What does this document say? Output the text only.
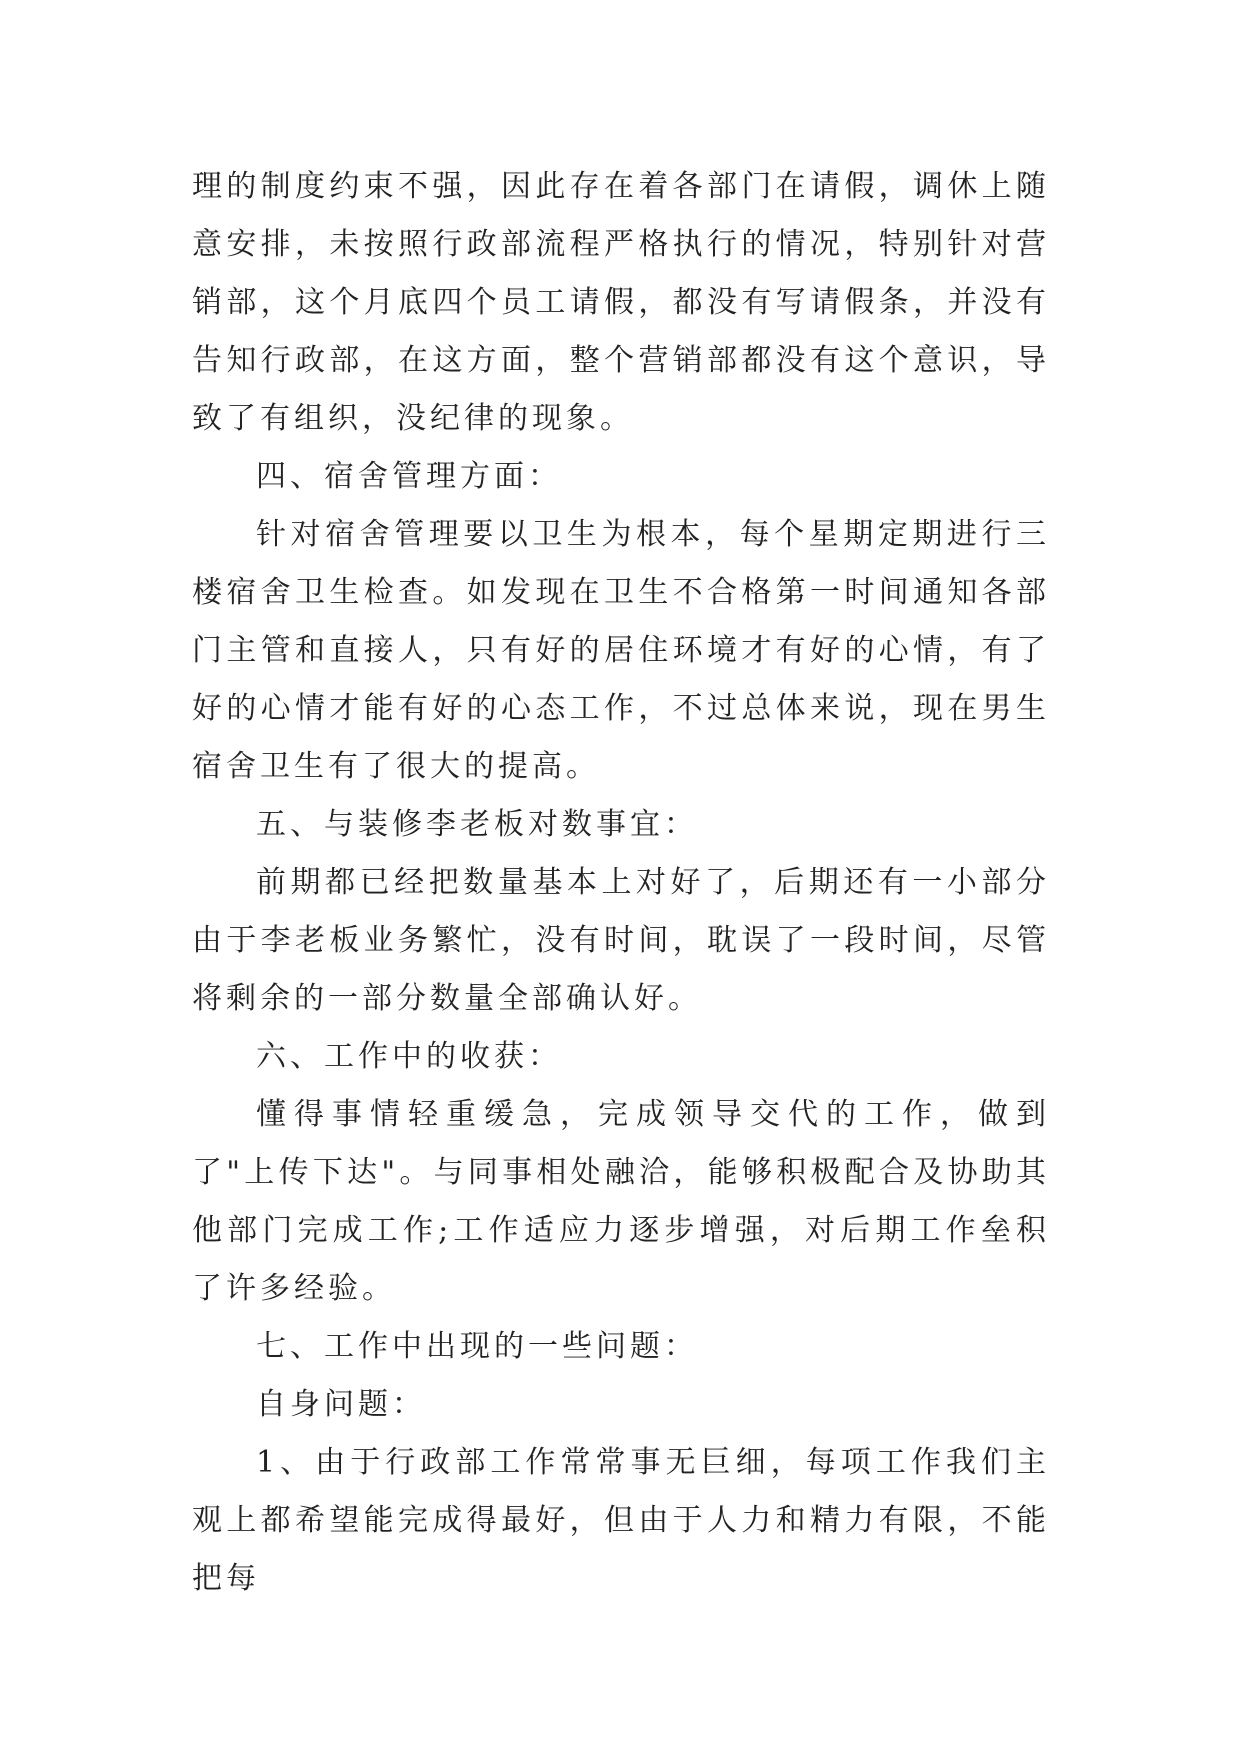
理的制度约束不强，因此存在着各部门在请假，调休上随意安排，未按照行政部流程严格执行的情况，特别针对营销部，这个月底四个员工请假，都没有写请假条，并没有告知行政部，在这方面，整个营销部都没有这个意识，导致了有组织，没纪律的现象。

四、宿舍管理方面：

针对宿舍管理要以卫生为根本，每个星期定期进行三楼宿舍卫生检查。如发现在卫生不合格第一时间通知各部门主管和直接人，只有好的居住环境才有好的心情，有了好的心情才能有好的心态工作，不过总体来说，现在男生宿舍卫生有了很大的提高。

五、与装修李老板对数事宜：

前期都已经把数量基本上对好了，后期还有一小部分由于李老板业务繁忙，没有时间，耽误了一段时间，尽管将剩余的一部分数量全部确认好。

六、工作中的收获：

懂得事情轻重缓急，完成领导交代的工作，做到了"上传下达"。与同事相处融洽，能够积极配合及协助其他部门完成工作;工作适应力逐步增强，对后期工作垒积了许多经验。

七、工作中出现的一些问题：

自身问题：

1、由于行政部工作常常事无巨细，每项工作我们主观上都希望能完成得最好，但由于人力和精力有限，不能把每
